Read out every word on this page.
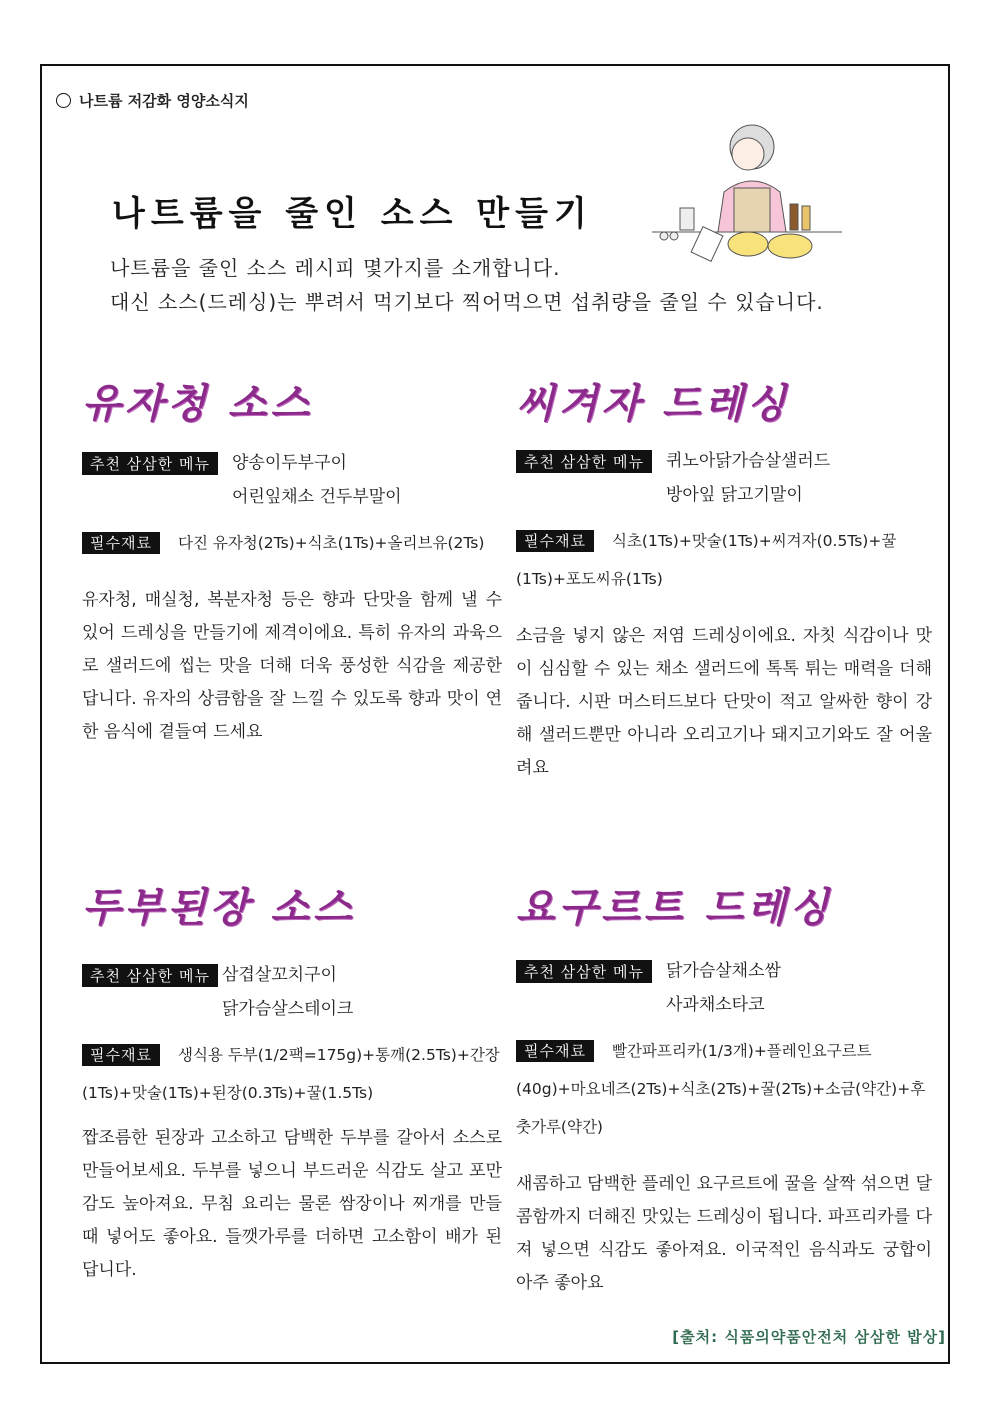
나트륨 저감화 영양소식지
나트륨을 줄인 소스 만들기
나트륨을 줄인 소스 레시피 몇가지를 소개합니다.
대신 소스(드레싱)는 뿌려서 먹기보다 찍어먹으면 섭취량을 줄일 수 있습니다.
유자청 소스
추천 삼삼한 메뉴	양송이두부구이
어린잎채소 건두부말이
필수재료 다진 유자청(2Ts)+식초(1Ts)+올리브유(2Ts)
유자청, 매실청, 복분자청 등은 향과 단맛을 함께 낼 수 있어 드레싱을 만들기에 제격이에요. 특히 유자의 과육으로 샐러드에 씹는 맛을 더해 더욱 풍성한 식감을 제공한답니다. 유자의 상큼함을 잘 느낄 수 있도록 향과 맛이 연한 음식에 곁들여 드세요
씨겨자 드레싱
추천 삼삼한 메뉴	퀴노아닭가슴살샐러드
방아잎 닭고기말이
필수재료 식초(1Ts)+맛술(1Ts)+씨겨자(0.5Ts)+꿀(1Ts)+포도씨유(1Ts)
소금을 넣지 않은 저염 드레싱이에요. 자칫 식감이나 맛이 심심할 수 있는 채소 샐러드에 톡톡 튀는 매력을 더해줍니다. 시판 머스터드보다 단맛이 적고 알싸한 향이 강해 샐러드뿐만 아니라 오리고기나 돼지고기와도 잘 어울려요
두부된장 소스
추천 삼삼한 메뉴 삼겹살꼬치구이
닭가슴살스테이크
필수재료 생식용 두부(1/2팩=175g)+통깨(2.5Ts)+간장(1Ts)+맛술(1Ts)+된장(0.3Ts)+꿀(1.5Ts)
짭조름한 된장과 고소하고 담백한 두부를 갈아서 소스로 만들어보세요. 두부를 넣으니 부드러운 식감도 살고 포만감도 높아져요. 무침 요리는 물론 쌈장이나 찌개를 만들 때 넣어도 좋아요. 들깻가루를 더하면 고소함이 배가 된답니다.
요구르트 드레싱
추천 삼삼한 메뉴	닭가슴살채소쌈
사과채소타코
필수재료 빨간파프리카(1/3개)+플레인요구르트(40g)+마요네즈(2Ts)+식초(2Ts)+꿀(2Ts)+소금(약간)+후춧가루(약간)
새콤하고 담백한 플레인 요구르트에 꿀을 살짝 섞으면 달콤함까지 더해진 맛있는 드레싱이 됩니다. 파프리카를 다져 넣으면 식감도 좋아져요. 이국적인 음식과도 궁합이 아주 좋아요
[출처: 식품의약품안전처 삼삼한 밥상]
